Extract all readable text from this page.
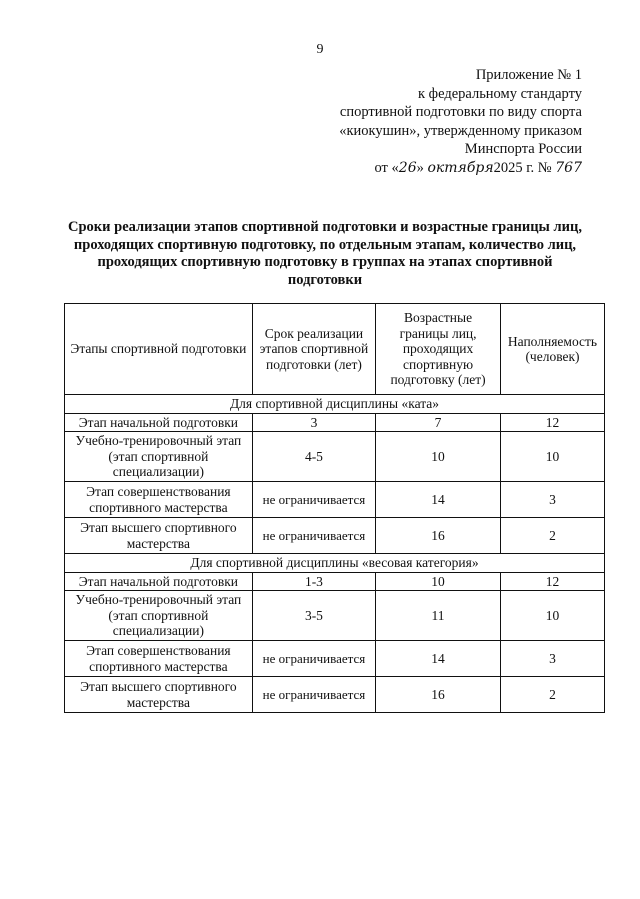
9
Приложение № 1
к федеральному стандарту
спортивной подготовки по виду спорта
«киокушин», утвержденному приказом
Минспорта России
от «26» октября2025 г. № 767
Сроки реализации этапов спортивной подготовки и возрастные границы лиц, проходящих спортивную подготовку, по отдельным этапам, количество лиц, проходящих спортивную подготовку в группах на этапах спортивной подготовки
Этапы спортивной подготовки	Срок реализации этапов спортивной подготовки (лет)	Возрастные границы лиц, проходящих спортивную подготовку (лет)	Наполняемость (человек)
Для спортивной дисциплины «ката»			
Этап начальной подготовки	3	7	12
Учебно-тренировочный этап (этап спортивной специализации)	4-5	10	10
Этап совершенствования спортивного мастерства	не ограничивается	14	3
Этап высшего спортивного мастерства	не ограничивается	16	2
Для спортивной дисциплины «весовая категория»			
Этап начальной подготовки	1-3	10	12
Учебно-тренировочный этап (этап спортивной специализации)	3-5	11	10
Этап совершенствования спортивного мастерства	не ограничивается	14	3
Этап высшего спортивного мастерства	не ограничивается	16	2
